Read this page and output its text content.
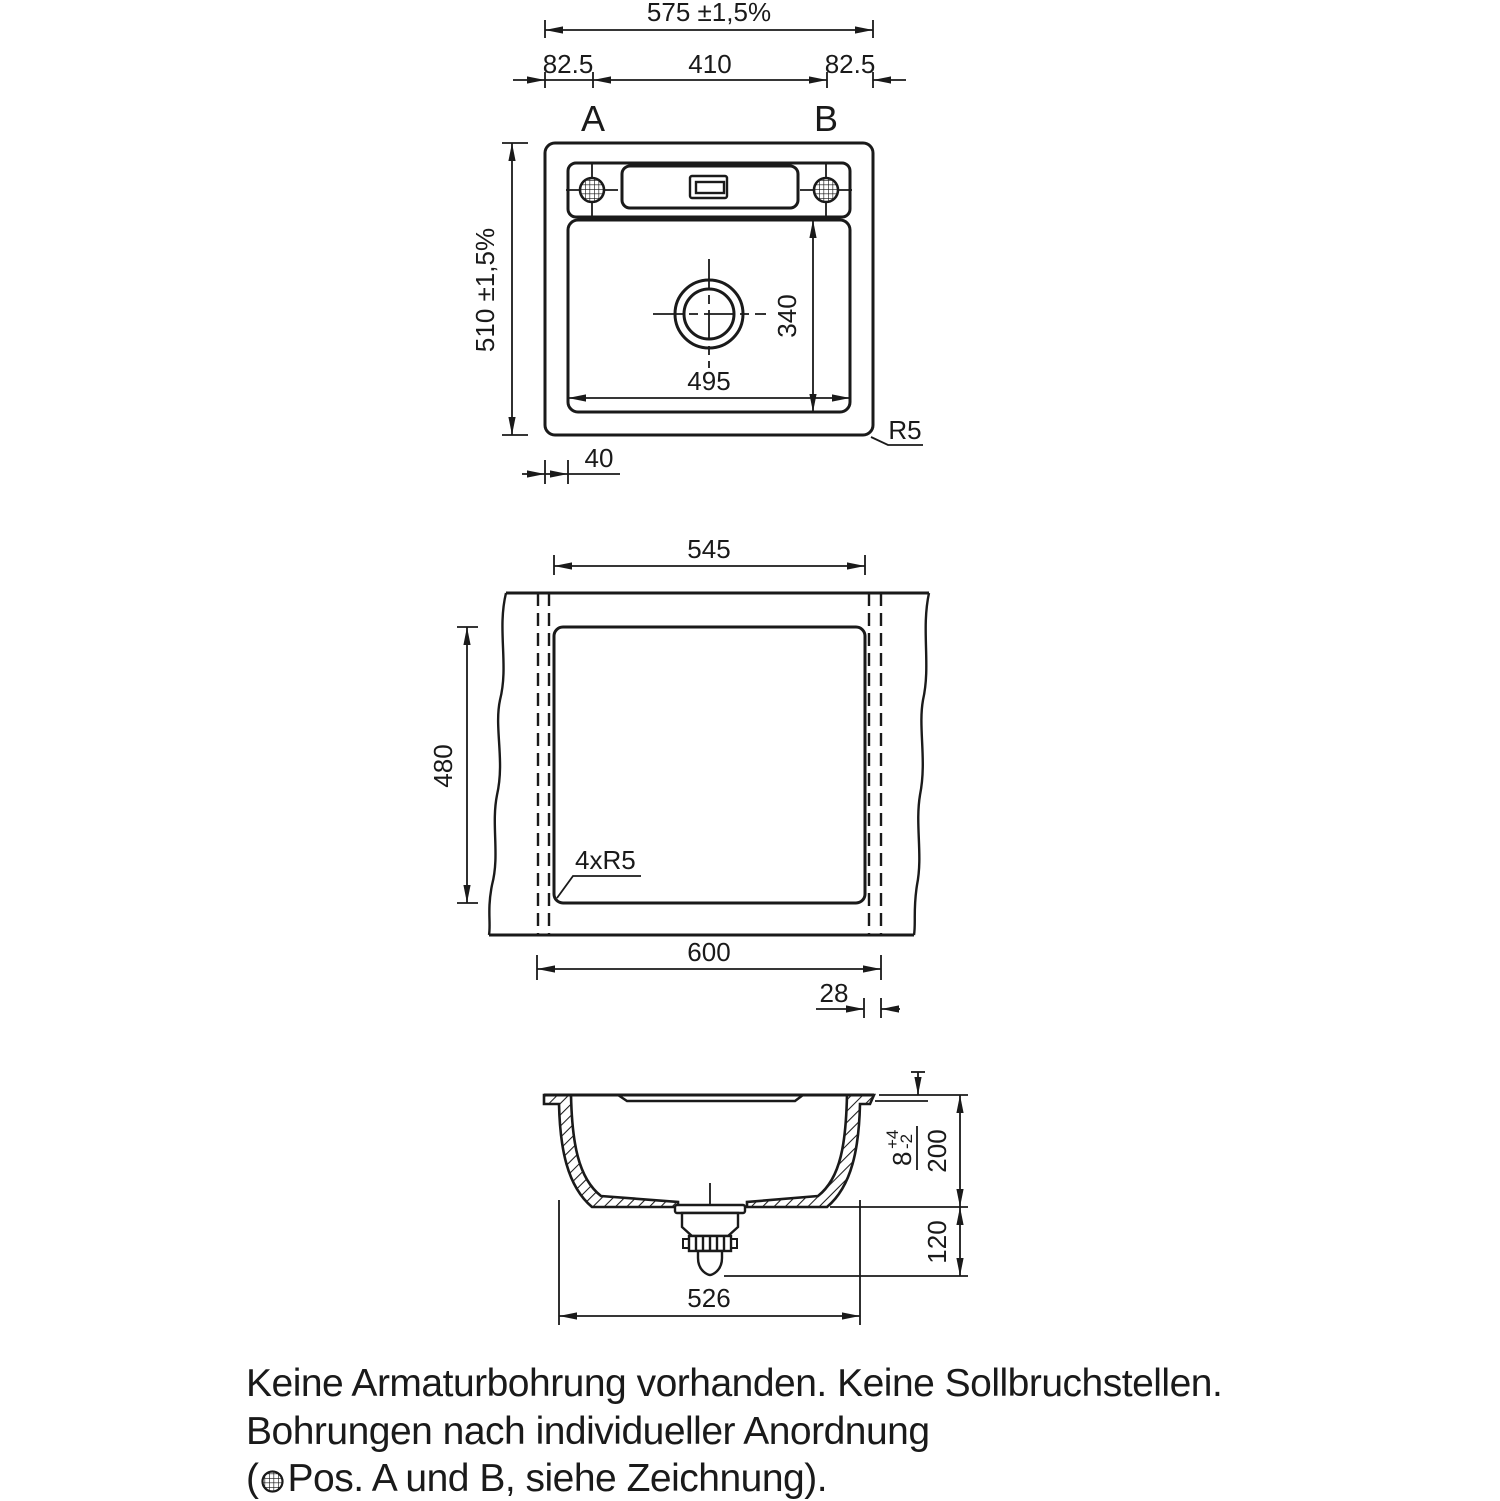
575 ±1,5%
82.5	410	82.5
A	B
340
495
510 ±1,5%
R5
40
545
480
4xR5
600
28
8
+4
-2 200
120
526
Keine Armaturbohrung vorhanden. Keine Sollbruchstellen.
Bohrungen nach individueller Anordnung
( Pos. A und B, siehe Zeichnung).
